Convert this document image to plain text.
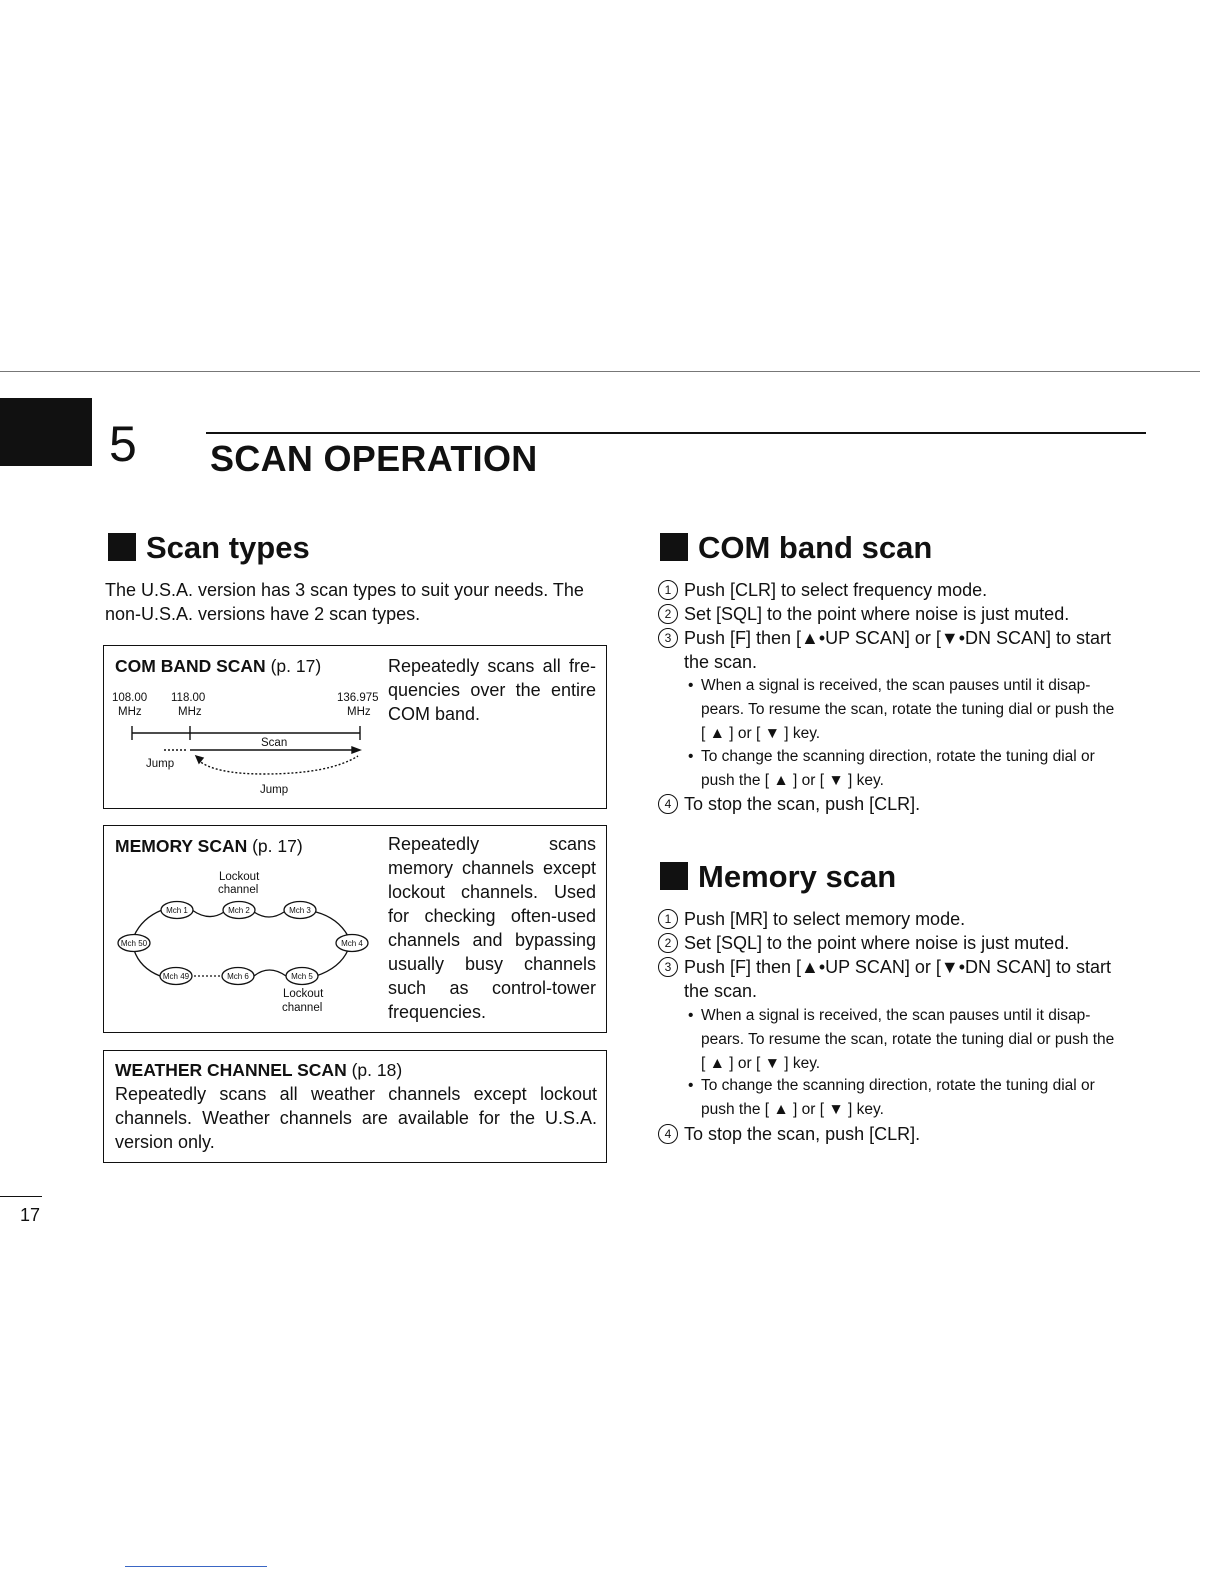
5 SCAN OPERATION
Scan types
The U.S.A. version has 3 scan types to suit your needs. The
non-U.S.A. versions have 2 scan types.
COM BAND SCAN (p. 17)	Repeatedly scans all fre-quencies over the entire COM band.
108.00
MHz
118.00
MHz
136.975
MHz
Scan
Jump
Jump
MEMORY SCAN (p. 17)	Repeatedly scans memory channels except lockout channels. Used for checking often-used channels and bypassing usually busy channels such as control-tower frequencies.
Lockout
channel
Lockout
channel
Mch 1	Mch 2	Mch 3
Mch 4
Mch 5
Mch 6
Mch 49
Mch 50
WEATHER CHANNEL SCAN (p. 18)
Repeatedly scans all weather channels except lockout channels. Weather channels are available for the U.S.A. version only.
COM band scan
1 Push [CLR] to select frequency mode.
2 Set [SQL] to the point where noise is just muted.
3 Push [F] then [▲•UP SCAN] or [▼•DN SCAN] to start
the scan.
• When a signal is received, the scan pauses until it disap-
pears. To resume the scan, rotate the tuning dial or push the
[ ▲ ] or [ ▼ ] key.
• To change the scanning direction, rotate the tuning dial or
push the [ ▲ ] or [ ▼ ] key.
4 To stop the scan, push [CLR].
Memory scan
1 Push [MR] to select memory mode.
2 Set [SQL] to the point where noise is just muted.
3 Push [F] then [▲•UP SCAN] or [▼•DN SCAN] to start
the scan.
• When a signal is received, the scan pauses until it disap-
pears. To resume the scan, rotate the tuning dial or push the
[ ▲ ] or [ ▼ ] key.
• To change the scanning direction, rotate the tuning dial or
push the [ ▲ ] or [ ▼ ] key.
4 To stop the scan, push [CLR].
17
